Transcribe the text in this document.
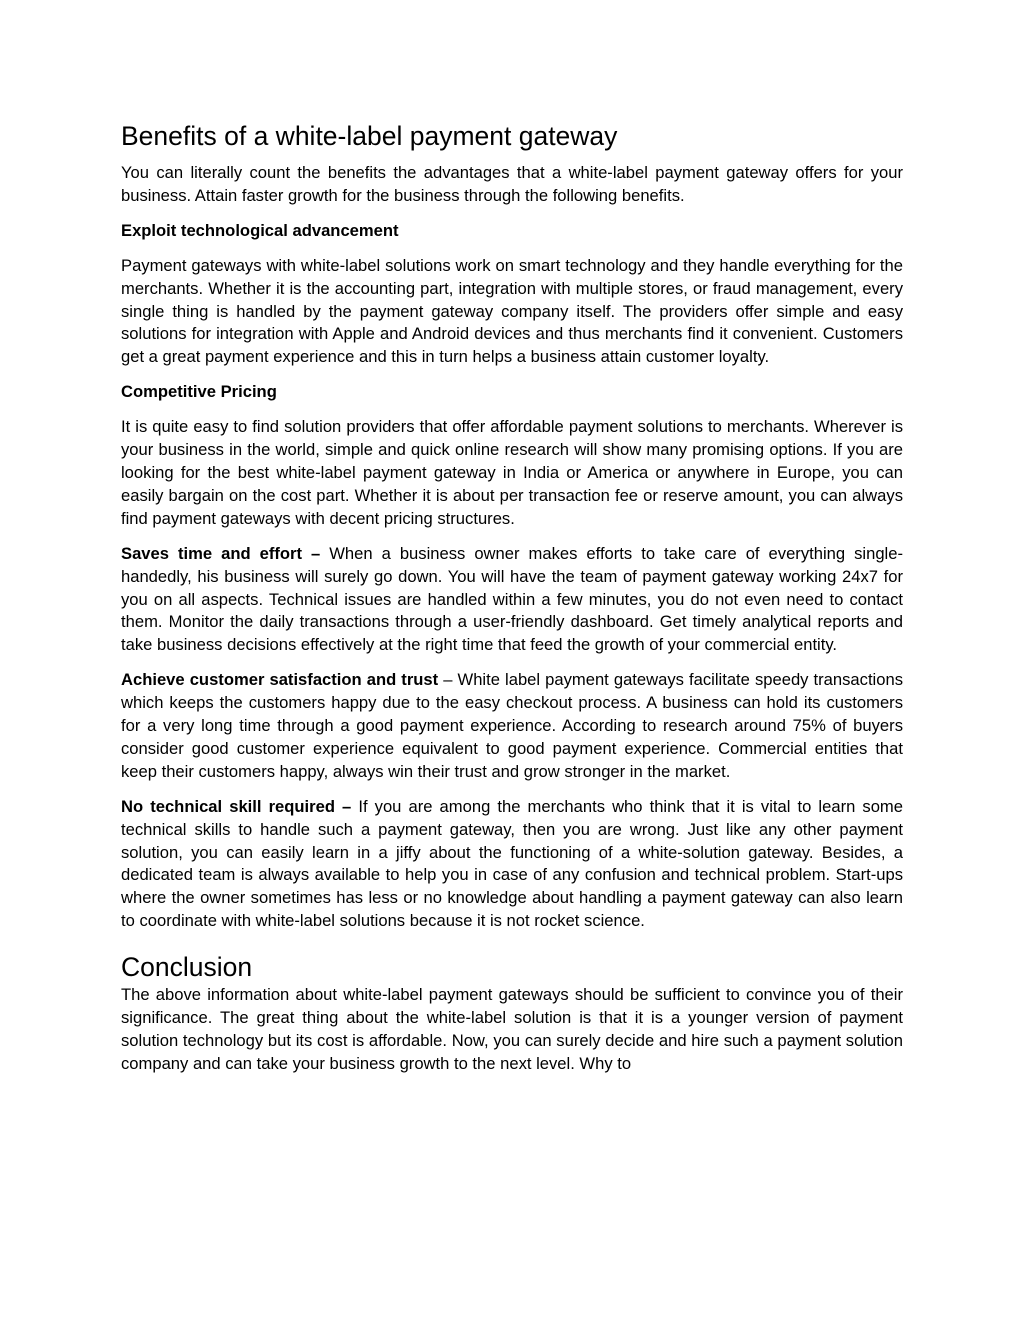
Benefits of a white-label payment gateway

You can literally count the benefits the advantages that a white-label payment gateway offers for your business. Attain faster growth for the business through the following benefits.

Exploit technological advancement

Payment gateways with white-label solutions work on smart technology and they handle everything for the merchants. Whether it is the accounting part, integration with multiple stores, or fraud management, every single thing is handled by the payment gateway company itself. The providers offer simple and easy solutions for integration with Apple and Android devices and thus merchants find it convenient. Customers get a great payment experience and this in turn helps a business attain customer loyalty.

Competitive Pricing

It is quite easy to find solution providers that offer affordable payment solutions to merchants. Wherever is your business in the world, simple and quick online research will show many promising options. If you are looking for the best white-label payment gateway in India or America or anywhere in Europe, you can easily bargain on the cost part. Whether it is about per transaction fee or reserve amount, you can always find payment gateways with decent pricing structures.

Saves time and effort – When a business owner makes efforts to take care of everything single-handedly, his business will surely go down. You will have the team of payment gateway working 24x7 for you on all aspects. Technical issues are handled within a few minutes, you do not even need to contact them. Monitor the daily transactions through a user-friendly dashboard. Get timely analytical reports and take business decisions effectively at the right time that feed the growth of your commercial entity.

Achieve customer satisfaction and trust – White label payment gateways facilitate speedy transactions which keeps the customers happy due to the easy checkout process. A business can hold its customers for a very long time through a good payment experience. According to research around 75% of buyers consider good customer experience equivalent to good payment experience. Commercial entities that keep their customers happy, always win their trust and grow stronger in the market.

No technical skill required – If you are among the merchants who think that it is vital to learn some technical skills to handle such a payment gateway, then you are wrong. Just like any other payment solution, you can easily learn in a jiffy about the functioning of a white-solution gateway. Besides, a dedicated team is always available to help you in case of any confusion and technical problem. Start-ups where the owner sometimes has less or no knowledge about handling a payment gateway can also learn to coordinate with white-label solutions because it is not rocket science.

Conclusion

The above information about white-label payment gateways should be sufficient to convince you of their significance. The great thing about the white-label solution is that it is a younger version of payment solution technology but its cost is affordable. Now, you can surely decide and hire such a payment solution company and can take your business growth to the next level. Why to
